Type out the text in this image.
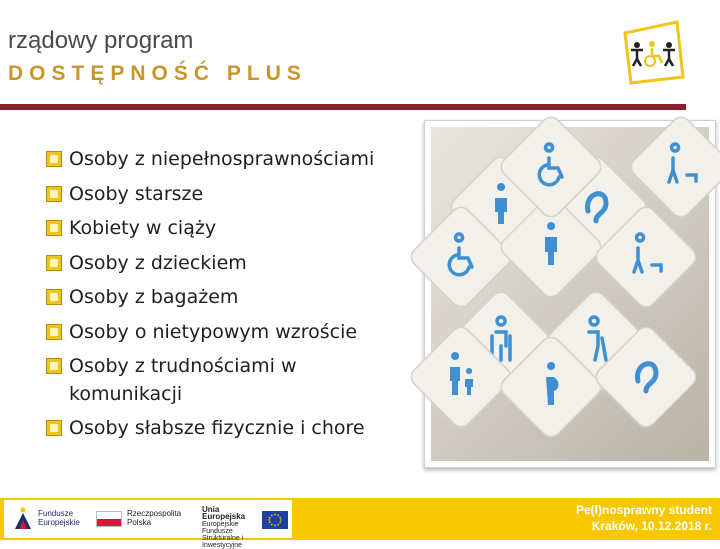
rządowy program
DOSTĘPNOŚĆ PLUS
Osoby z niepełnosprawnościami
Osoby starsze
Kobiety w ciąży
Osoby z dzieckiem
Osoby z bagażem
Osoby o nietypowym wzroście
Osoby z trudnościami w komunikacji
Osoby słabsze fizycznie i chore
Fundusze Europejskie
Rzeczpospolita Polska
Unia Europejska
Europejskie Fundusze Strukturalne i Inwestycyjne
Pe(ł)nosprawny student
Kraków, 10.12.2018 r.
